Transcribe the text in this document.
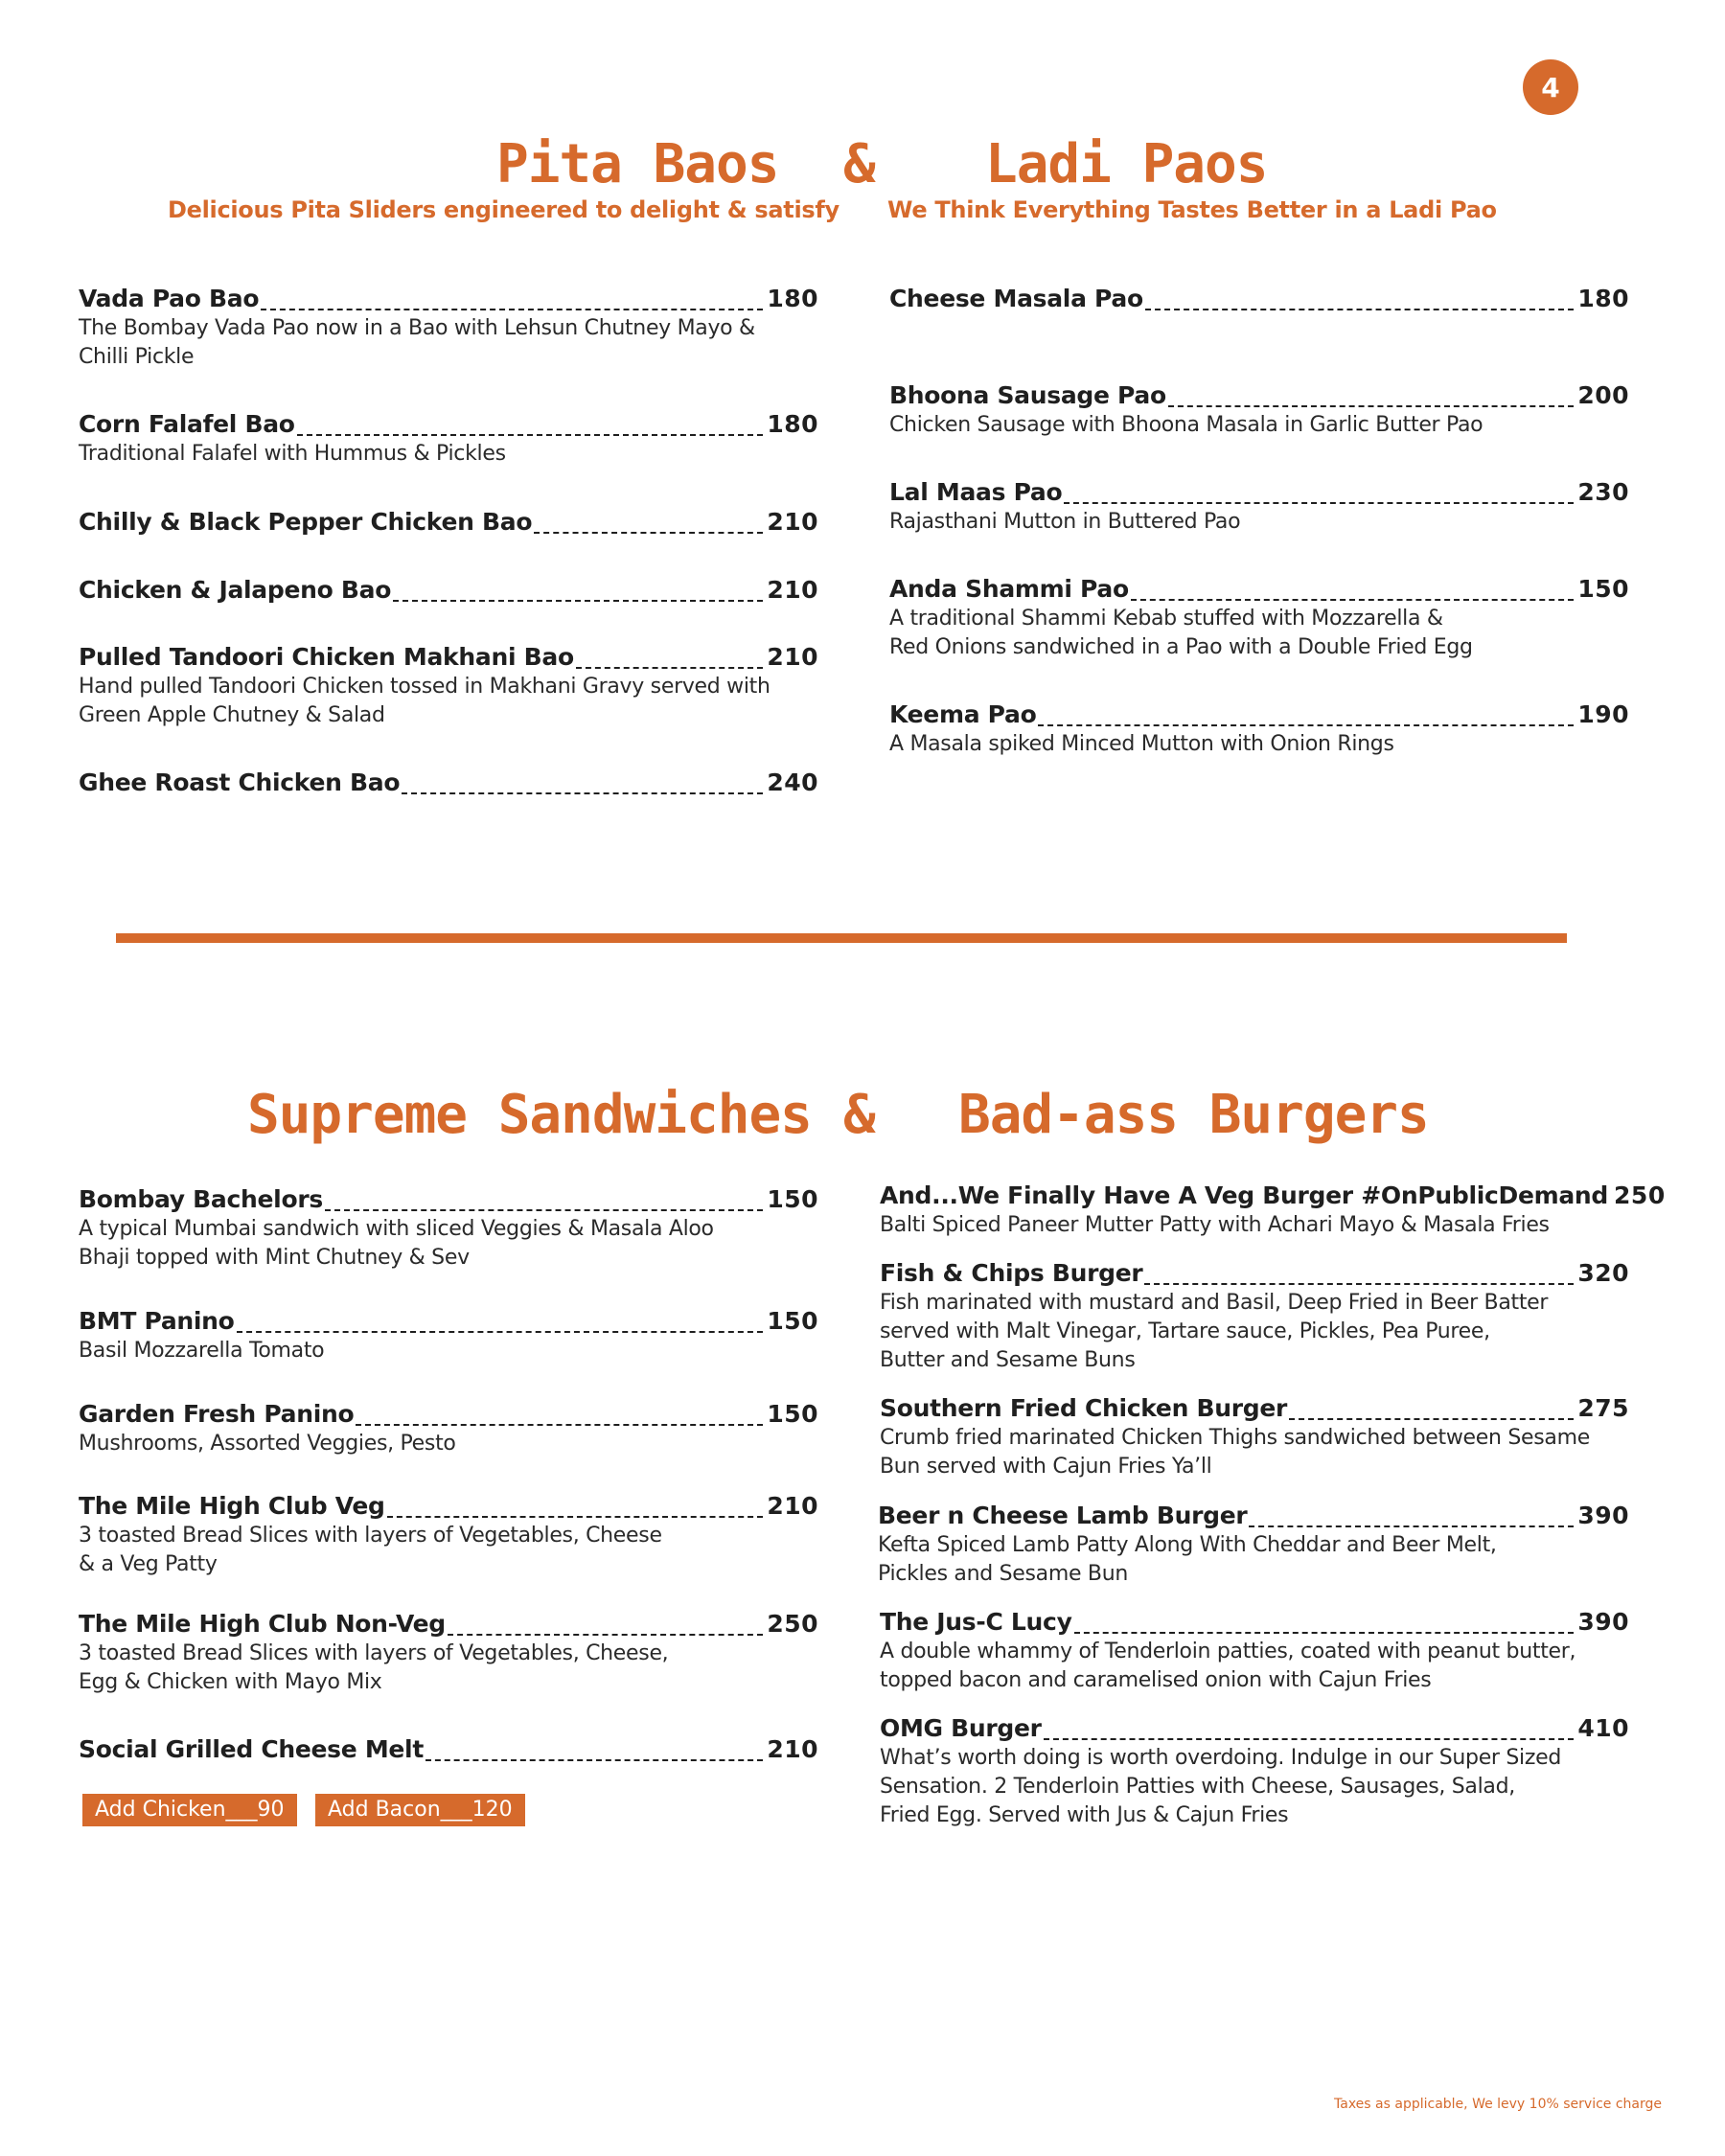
4
Pita Baos & Ladi Paos
Delicious Pita Sliders engineered to delight & satisfy We Think Everything Tastes Better in a Ladi Pao
Vada Pao Bao	180
The Bombay Vada Pao now in a Bao with Lehsun Chutney Mayo &
Chilli Pickle
Corn Falafel Bao	180
Traditional Falafel with Hummus & Pickles
Chilly & Black Pepper Chicken Bao	210
Chicken & Jalapeno Bao	210
Pulled Tandoori Chicken Makhani Bao	210
Hand pulled Tandoori Chicken tossed in Makhani Gravy served with
Green Apple Chutney & Salad
Ghee Roast Chicken Bao	240
Cheese Masala Pao	180
Bhoona Sausage Pao	200
Chicken Sausage with Bhoona Masala in Garlic Butter Pao
Lal Maas Pao	230
Rajasthani Mutton in Buttered Pao
Anda Shammi Pao	150
A traditional Shammi Kebab stuffed with Mozzarella &
Red Onions sandwiched in a Pao with a Double Fried Egg
Keema Pao	190
A Masala spiked Minced Mutton with Onion Rings
Supreme Sandwiches & Bad-ass Burgers
Bombay Bachelors	150
A typical Mumbai sandwich with sliced Veggies & Masala Aloo
Bhaji topped with Mint Chutney & Sev
BMT Panino	150
Basil Mozzarella Tomato
Garden Fresh Panino	150
Mushrooms, Assorted Veggies, Pesto
The Mile High Club Veg	210
3 toasted Bread Slices with layers of Vegetables, Cheese
& a Veg Patty
The Mile High Club Non-Veg	250
3 toasted Bread Slices with layers of Vegetables, Cheese,
Egg & Chicken with Mayo Mix
Social Grilled Cheese Melt	210
Add Chicken___90	Add Bacon___120
And...We Finally Have A Veg Burger #OnPublicDemand 250
Balti Spiced Paneer Mutter Patty with Achari Mayo & Masala Fries
Fish & Chips Burger	320
Fish marinated with mustard and Basil, Deep Fried in Beer Batter
served with Malt Vinegar, Tartare sauce, Pickles, Pea Puree,
Butter and Sesame Buns
Southern Fried Chicken Burger	275
Crumb fried marinated Chicken Thighs sandwiched between Sesame
Bun served with Cajun Fries Ya’ll
Beer n Cheese Lamb Burger	390
Kefta Spiced Lamb Patty Along With Cheddar and Beer Melt,
Pickles and Sesame Bun
The Jus-C Lucy	390
A double whammy of Tenderloin patties, coated with peanut butter,
topped bacon and caramelised onion with Cajun Fries
OMG Burger	410
What’s worth doing is worth overdoing. Indulge in our Super Sized
Sensation. 2 Tenderloin Patties with Cheese, Sausages, Salad,
Fried Egg. Served with Jus & Cajun Fries
Taxes as applicable, We levy 10% service charge
